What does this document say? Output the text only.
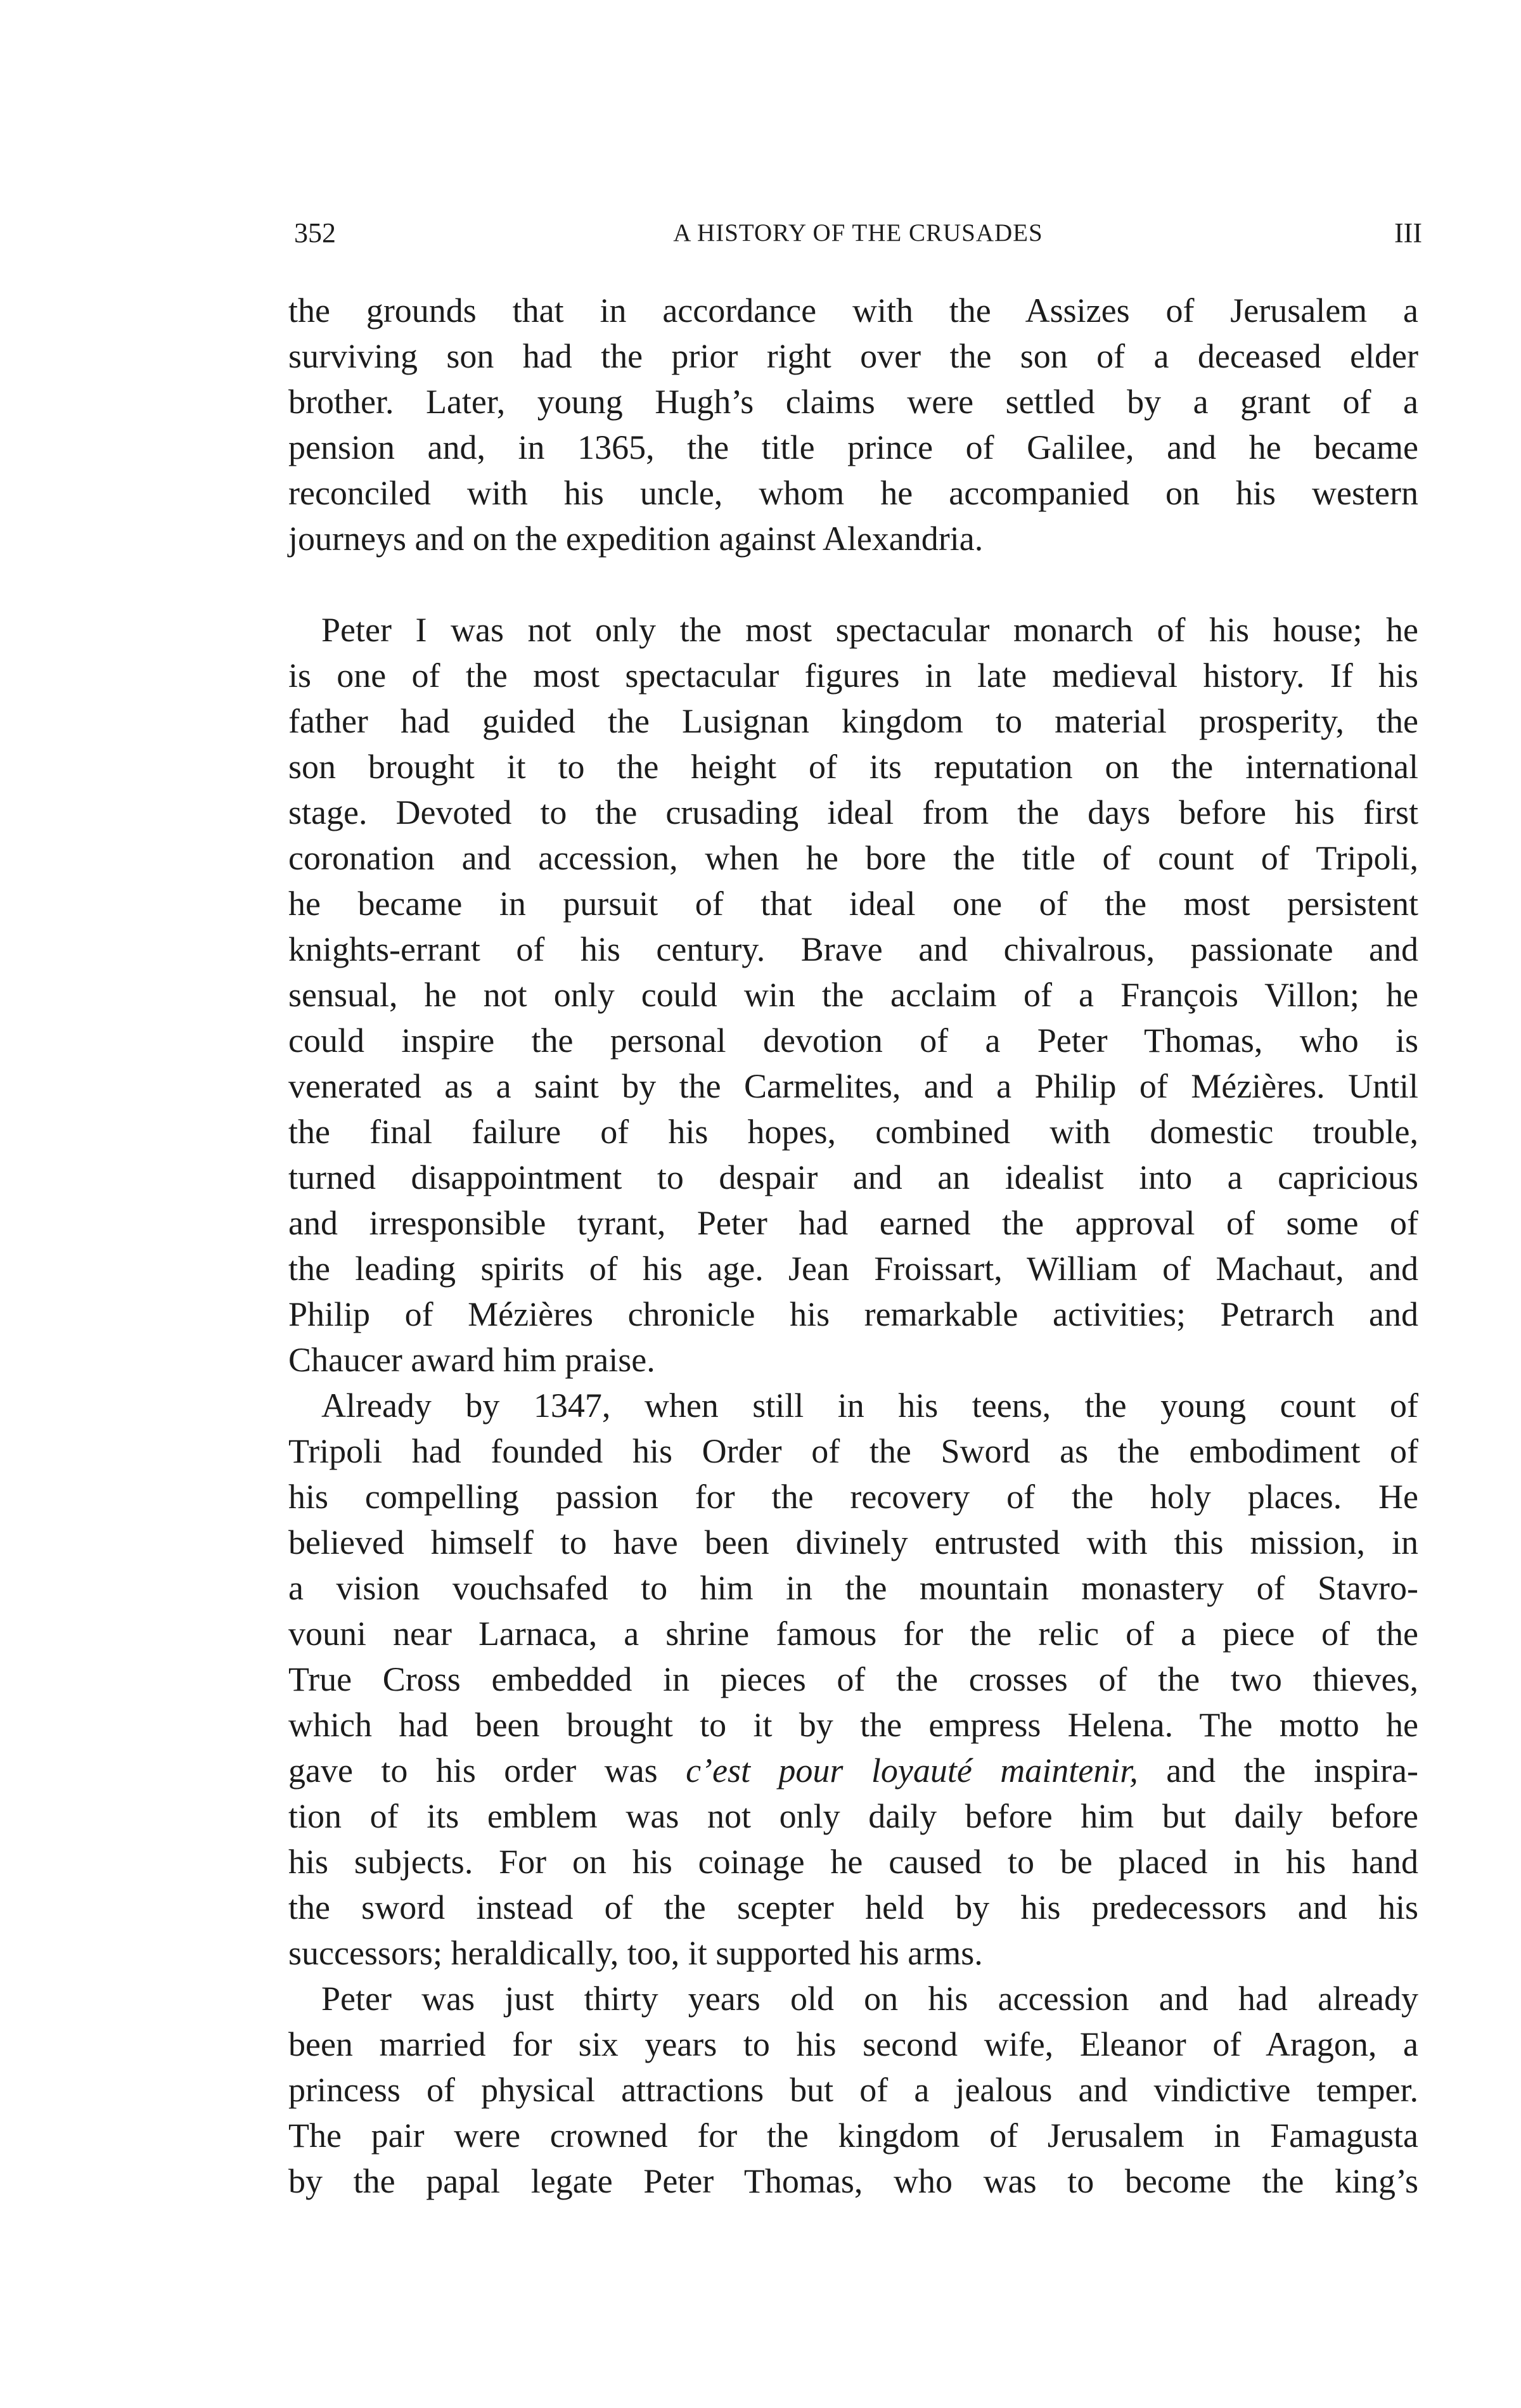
352	A HISTORY OF THE CRUSADES	III

the grounds that in accordance with the Assizes of Jerusalem a

surviving son had the prior right over the son of a deceased elder

brother. Later, young Hugh’s claims were settled by a grant of a

pension and, in 1365, the title prince of Galilee, and he became

reconciled with his uncle, whom he accompanied on his western

journeys and on the expedition against Alexandria.

Peter I was not only the most spectacular monarch of his house; he

is one of the most spectacular figures in late medieval history. If his

father had guided the Lusignan kingdom to material prosperity, the

son brought it to the height of its reputation on the international

stage. Devoted to the crusading ideal from the days before his first

coronation and accession, when he bore the title of count of Tripoli,

he became in pursuit of that ideal one of the most persistent

knights-errant of his century. Brave and chivalrous, passionate and

sensual, he not only could win the acclaim of a François Villon; he

could inspire the personal devotion of a Peter Thomas, who is

venerated as a saint by the Carmelites, and a Philip of Mézières. Until

the final failure of his hopes, combined with domestic trouble,

turned disappointment to despair and an idealist into a capricious

and irresponsible tyrant, Peter had earned the approval of some of

the leading spirits of his age. Jean Froissart, William of Machaut, and

Philip of Mézières chronicle his remarkable activities; Petrarch and

Chaucer award him praise.

Already by 1347, when still in his teens, the young count of

Tripoli had founded his Order of the Sword as the embodiment of

his compelling passion for the recovery of the holy places. He

believed himself to have been divinely entrusted with this mission, in

a vision vouchsafed to him in the mountain monastery of Stavro-

vouni near Larnaca, a shrine famous for the relic of a piece of the

True Cross embedded in pieces of the crosses of the two thieves,

which had been brought to it by the empress Helena. The motto he

gave to his order was c’est pour loyauté maintenir, and the inspira-

tion of its emblem was not only daily before him but daily before

his subjects. For on his coinage he caused to be placed in his hand

the sword instead of the scepter held by his predecessors and his

successors; heraldically, too, it supported his arms.

Peter was just thirty years old on his accession and had already

been married for six years to his second wife, Eleanor of Aragon, a

princess of physical attractions but of a jealous and vindictive temper.

The pair were crowned for the kingdom of Jerusalem in Famagusta

by the papal legate Peter Thomas, who was to become the king’s
